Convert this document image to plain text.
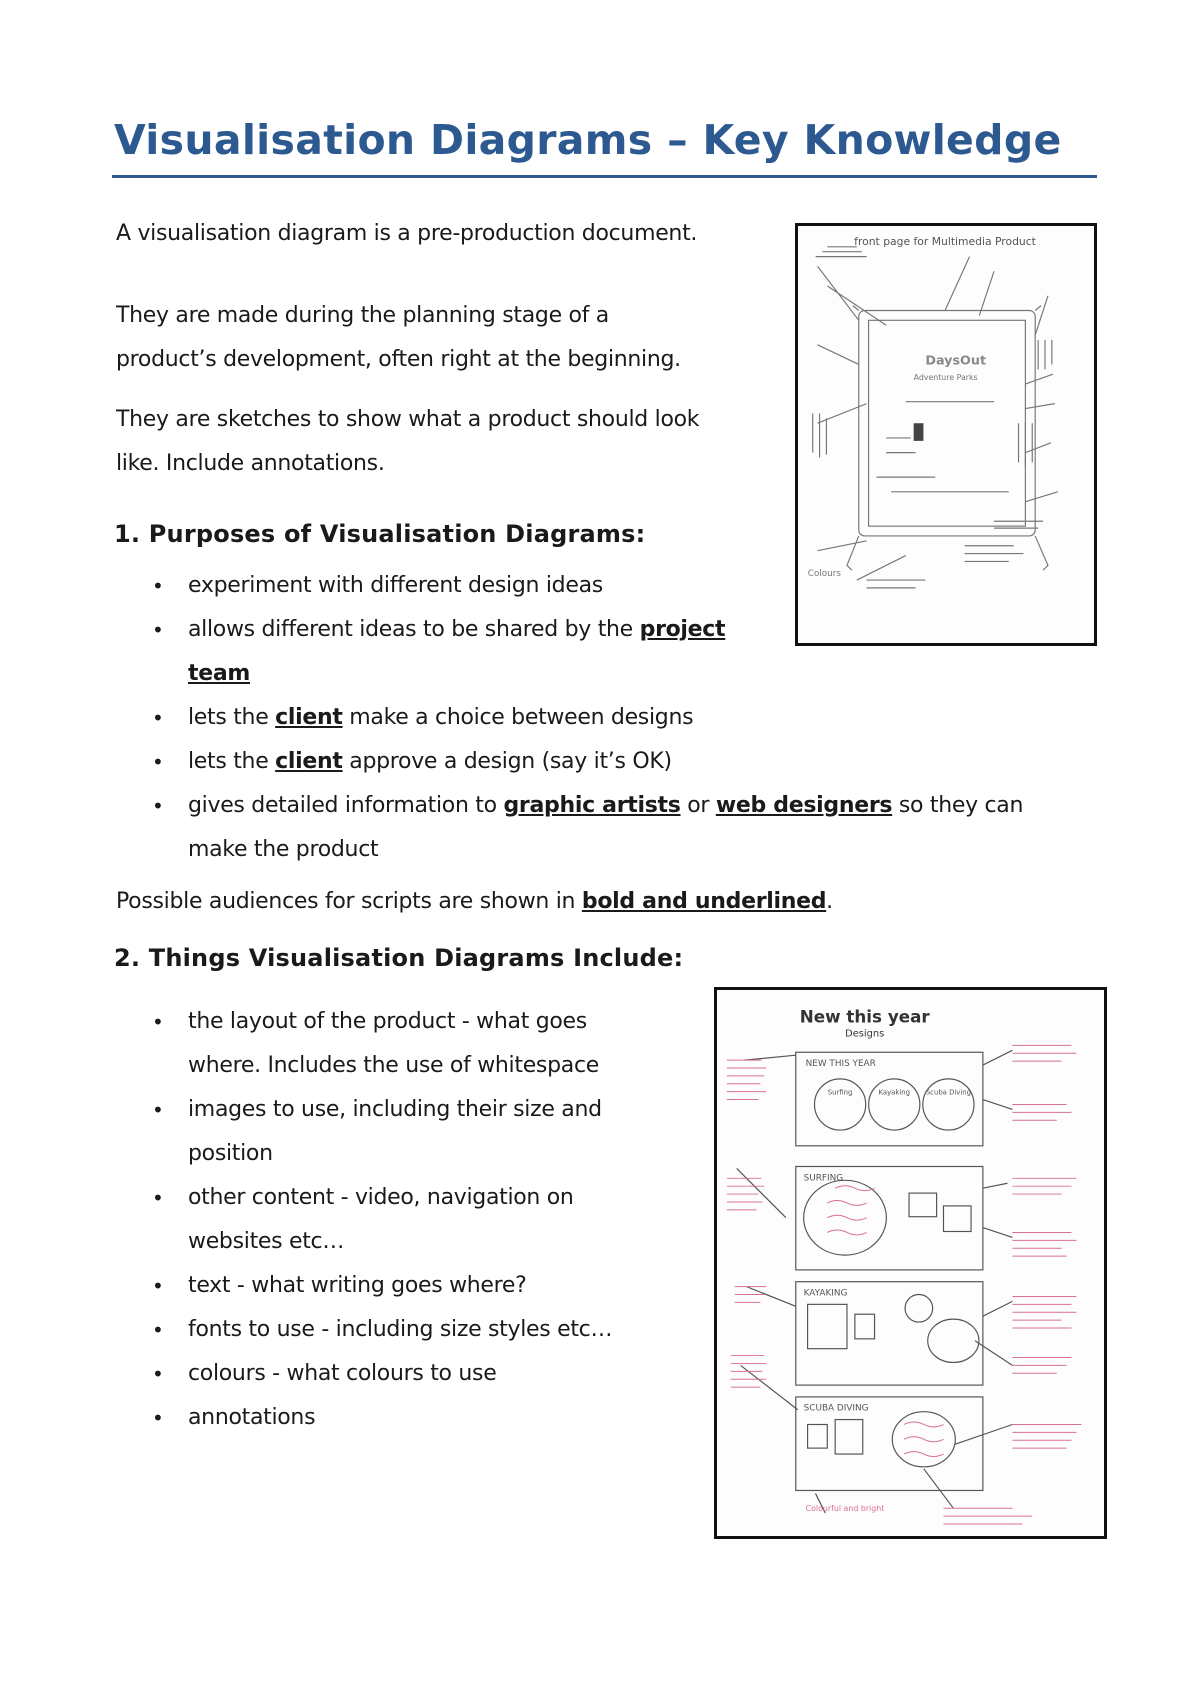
Visualisation Diagrams – Key Knowledge

A visualisation diagram is a pre-production document.

They are made during the planning stage of a
product’s development, often right at the beginning.

They are sketches to show what a product should look
like. Include annotations.

1. Purposes of Visualisation Diagrams:
• experiment with different design ideas
• allows different ideas to be shared by the project team
• lets the client make a choice between designs
• lets the client approve a design (say it’s OK)
• gives detailed information to graphic artists or web designers so they can make the product

Possible audiences for scripts are shown in bold and underlined.

2. Things Visualisation Diagrams Include:
• the layout of the product - what goes where. Includes the use of whitespace
• images to use, including their size and position
• other content - video, navigation on websites etc…
• text - what writing goes where?
• fonts to use - including size styles etc…
• colours - what colours to use
• annotations
front page for Multimedia Product
DaysOut
Adventure Parks
Colours
New this year
Designs
NEW THIS YEAR
SURFING
KAYAKING
SCUBA DIVING
Surfing	Kayaking Scuba Diving
Colourful and bright
